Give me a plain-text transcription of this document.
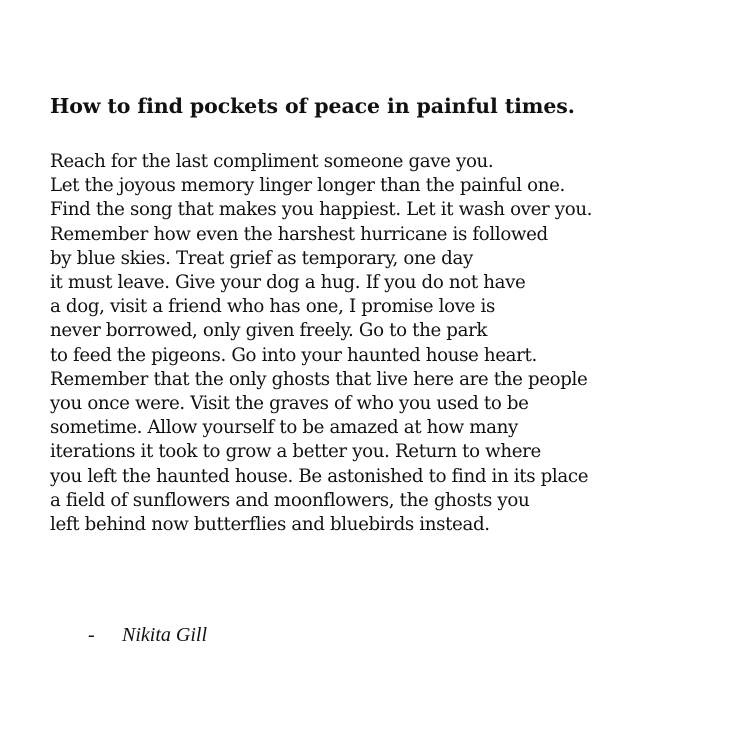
How to find pockets of peace in painful times.
Reach for the last compliment someone gave you.
Let the joyous memory linger longer than the painful one.
Find the song that makes you happiest. Let it wash over you.
Remember how even the harshest hurricane is followed
by blue skies. Treat grief as temporary, one day
it must leave. Give your dog a hug. If you do not have
a dog, visit a friend who has one, I promise love is
never borrowed, only given freely. Go to the park
to feed the pigeons. Go into your haunted house heart.
Remember that the only ghosts that live here are the people
you once were. Visit the graves of who you used to be
sometime. Allow yourself to be amazed at how many
iterations it took to grow a better you. Return to where
you left the haunted house. Be astonished to find in its place
a field of sunflowers and moonflowers, the ghosts you
left behind now butterflies and bluebirds instead.
- Nikita Gill
